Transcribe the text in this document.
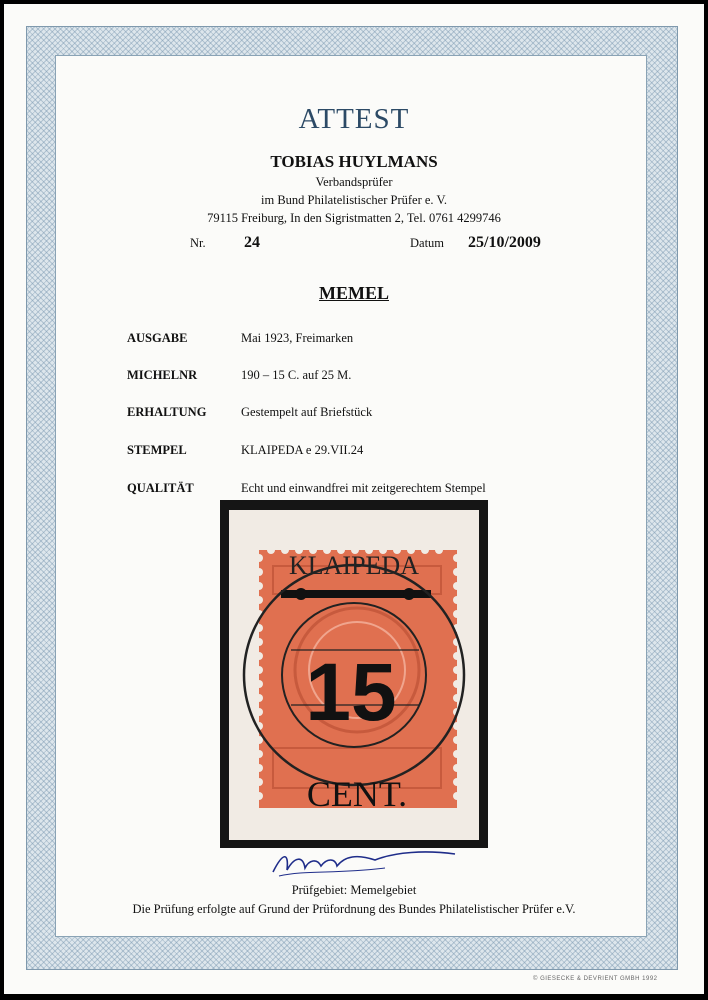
ATTEST
TOBIAS HUYLMANS
Verbandsprüfer
im Bund Philatelistischer Prüfer e. V.
79115 Freiburg, In den Sigristmatten 2, Tel. 0761 4299746
Nr. 24	Datum 25/10/2009
MEMEL
AUSGABE	Mai 1923, Freimarken
MICHELNR	190 – 15 C. auf 25 M.
ERHALTUNG	Gestempelt auf Briefstück
STEMPEL	KLAIPEDA e 29.VII.24
QUALITÄT	Echt und einwandfrei mit zeitgerechtem Stempel
KLAIPEDA
15
CENT.
Prüfgebiet: Memelgebiet
Die Prüfung erfolgte auf Grund der Prüfordnung des Bundes Philatelistischer Prüfer e.V.
© GIESECKE & DEVRIENT GMBH 1992
